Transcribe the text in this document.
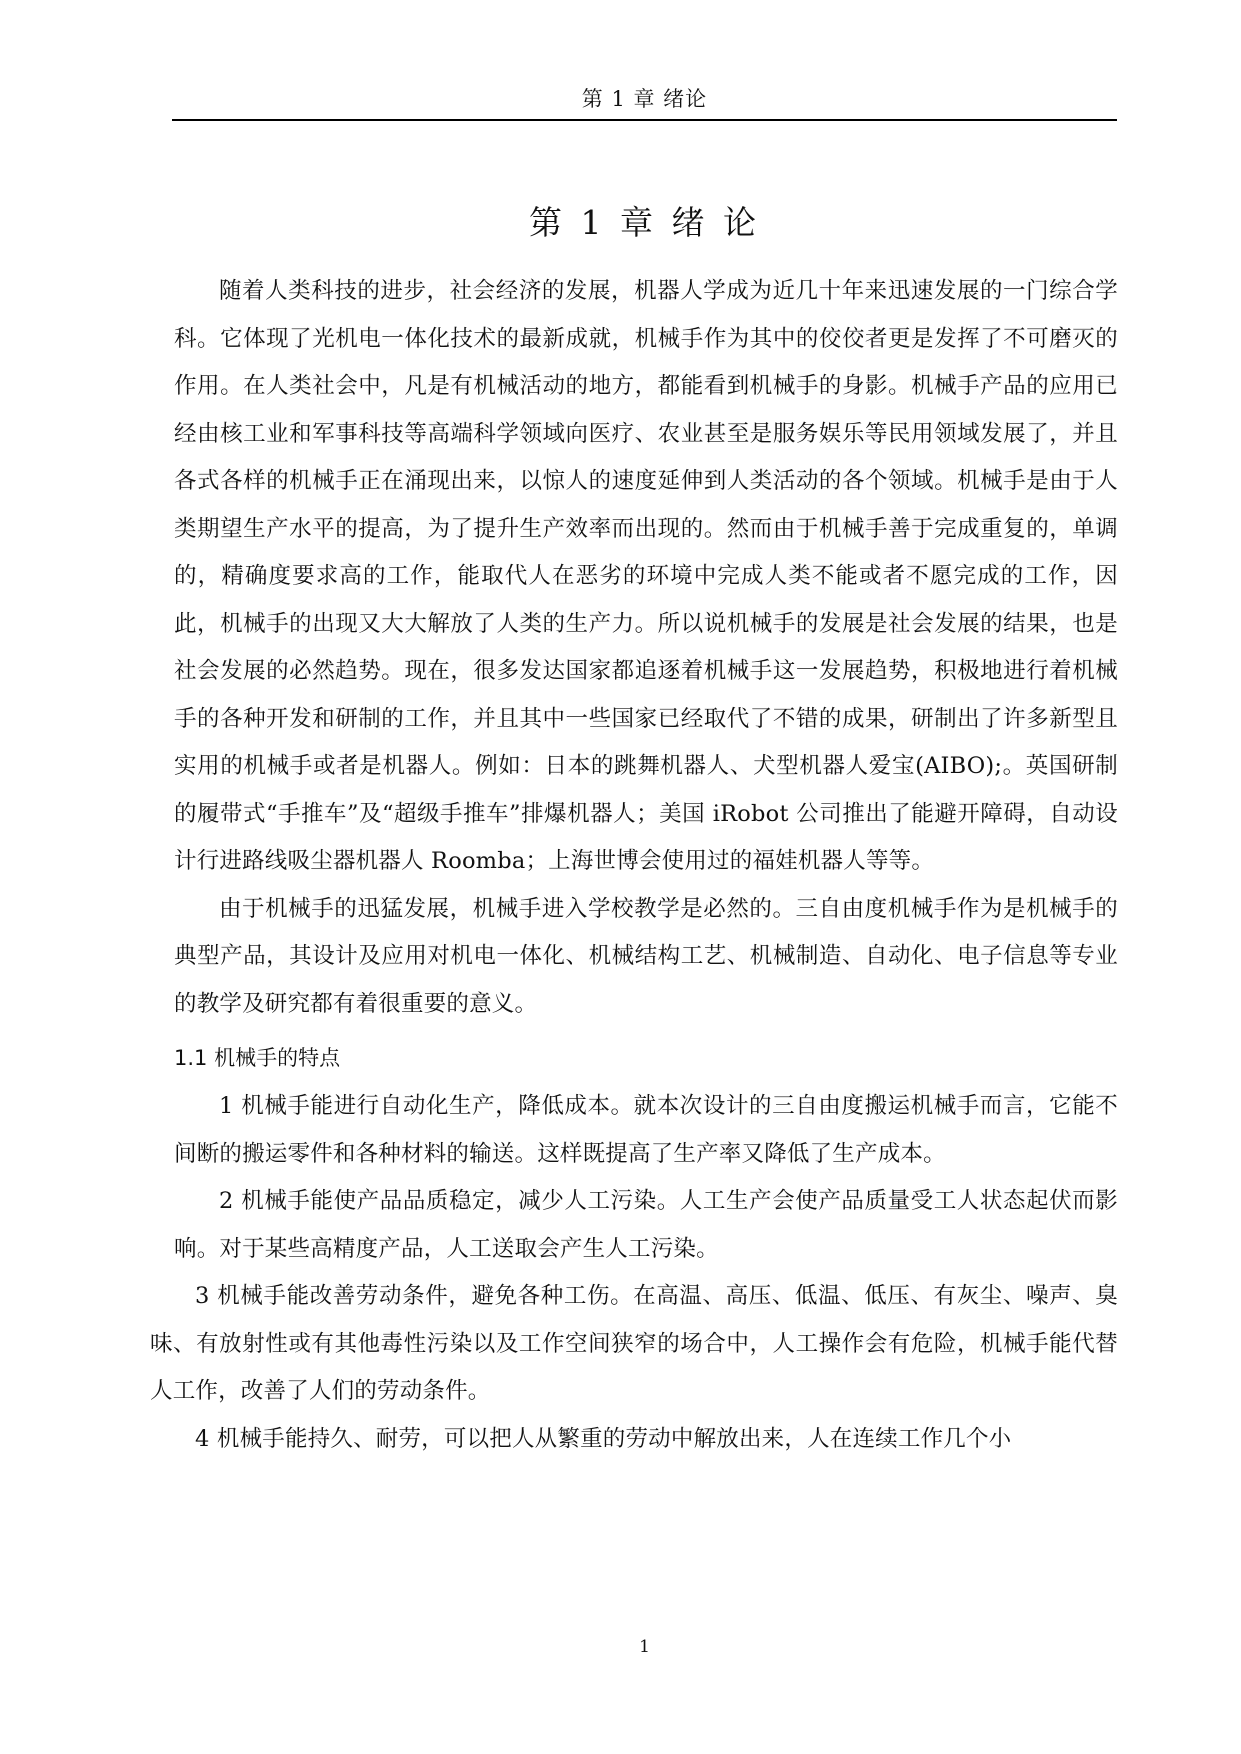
第 1 章 绪论
第 1 章 绪 论

随着人类科技的进步，社会经济的发展，机器人学成为近几十年来迅速发展的一门综合学科。它体现了光机电一体化技术的最新成就，机械手作为其中的佼佼者更是发挥了不可磨灭的作用。在人类社会中，凡是有机械活动的地方，都能看到机械手的身影。机械手产品的应用已经由核工业和军事科技等高端科学领域向医疗、农业甚至是服务娱乐等民用领域发展了，并且各式各样的机械手正在涌现出来，以惊人的速度延伸到人类活动的各个领域。机械手是由于人类期望生产水平的提高，为了提升生产效率而出现的。然而由于机械手善于完成重复的，单调的，精确度要求高的工作，能取代人在恶劣的环境中完成人类不能或者不愿完成的工作，因此，机械手的出现又大大解放了人类的生产力。所以说机械手的发展是社会发展的结果，也是社会发展的必然趋势。现在，很多发达国家都追逐着机械手这一发展趋势，积极地进行着机械手的各种开发和研制的工作，并且其中一些国家已经取代了不错的成果，研制出了许多新型且实用的机械手或者是机器人。例如：日本的跳舞机器人、犬型机器人爱宝(AIBO);。英国研制的履带式“手推车”及“超级手推车”排爆机器人；美国 iRobot 公司推出了能避开障碍，自动设计行进路线吸尘器机器人 Roomba；上海世博会使用过的福娃机器人等等。

由于机械手的迅猛发展，机械手进入学校教学是必然的。三自由度机械手作为是机械手的典型产品，其设计及应用对机电一体化、机械结构工艺、机械制造、自动化、电子信息等专业的教学及研究都有着很重要的意义。

1.1 机械手的特点

1 机械手能进行自动化生产，降低成本。就本次设计的三自由度搬运机械手而言，它能不间断的搬运零件和各种材料的输送。这样既提高了生产率又降低了生产成本。

2 机械手能使产品品质稳定，减少人工污染。人工生产会使产品质量受工人状态起伏而影响。对于某些高精度产品，人工送取会产生人工污染。

3 机械手能改善劳动条件，避免各种工伤。在高温、高压、低温、低压、有灰尘、噪声、臭味、有放射性或有其他毒性污染以及工作空间狭窄的场合中，人工操作会有危险，机械手能代替人工作，改善了人们的劳动条件。

4 机械手能持久、耐劳，可以把人从繁重的劳动中解放出来，人在连续工作几个小

1
